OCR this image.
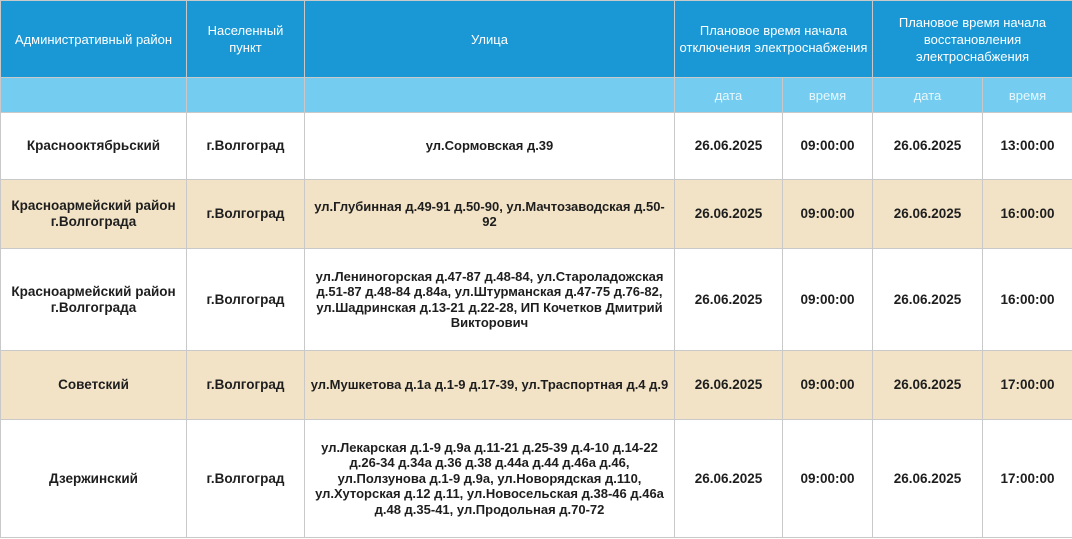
Административный район	Населенный пункт	Улица	Плановое время начала отключения электроснабжения		Плановое время начала восстановления электроснабжения	
			дата	время	дата	время
Краснооктябрьский	г.Волгоград	ул.Сормовская д.39	26.06.2025	09:00:00	26.06.2025	13:00:00
Красноармейский район г.Волгограда	г.Волгоград	ул.Глубинная д.49-91 д.50-90, ул.Мачтозаводская д.50-92	26.06.2025	09:00:00	26.06.2025	16:00:00
Красноармейский район г.Волгограда	г.Волгоград	ул.Лениногорская д.47-87 д.48-84, ул.Староладожская д.51-87 д.48-84 д.84а, ул.Штурманская д.47-75 д.76-82, ул.Шадринская д.13-21 д.22-28, ИП Кочетков Дмитрий Викторович	26.06.2025	09:00:00	26.06.2025	16:00:00
Советский	г.Волгоград	ул.Мушкетова д.1а д.1-9 д.17-39, ул.Траспортная д.4 д.9	26.06.2025	09:00:00	26.06.2025	17:00:00
Дзержинский	г.Волгоград	ул.Лекарская д.1-9 д.9а д.11-21 д.25-39 д.4-10 д.14-22 д.26-34 д.34а д.36 д.38 д.44а д.44 д.46а д.46, ул.Ползунова д.1-9 д.9а, ул.Новорядская д.110, ул.Хуторская д.12 д.11, ул.Новосельская д.38-46 д.46а д.48 д.35-41, ул.Продольная д.70-72	26.06.2025	09:00:00	26.06.2025	17:00:00
